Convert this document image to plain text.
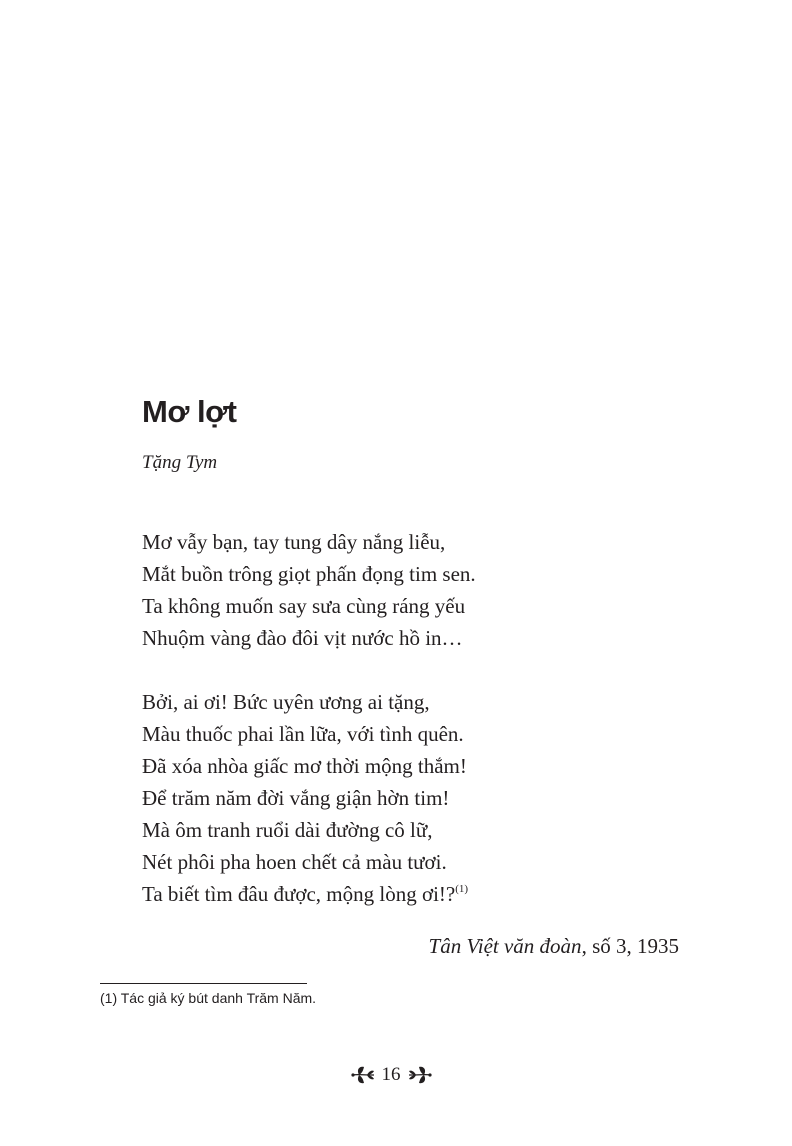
Mơ lợt
Tặng Tym
Mơ vẫy bạn, tay tung dây nắng liễu,
Mắt buồn trông giọt phấn đọng tim sen.
Ta không muốn say sưa cùng ráng yếu
Nhuộm vàng đào đôi vịt nước hồ in…
Bởi, ai ơi! Bức uyên ương ai tặng,
Màu thuốc phai lần lữa, với tình quên.
Đã xóa nhòa giấc mơ thời mộng thắm!
Để trăm năm đời vắng giận hờn tim!
Mà ôm tranh ruổi dài đường cô lữ,
Nét phôi pha hoen chết cả màu tươi.
Ta biết tìm đâu được, mộng lòng ơi!?$^{(1)}$
Tân Việt văn đoàn, số 3, 1935
(1) Tác giả ký bút danh Trăm Năm.
16
